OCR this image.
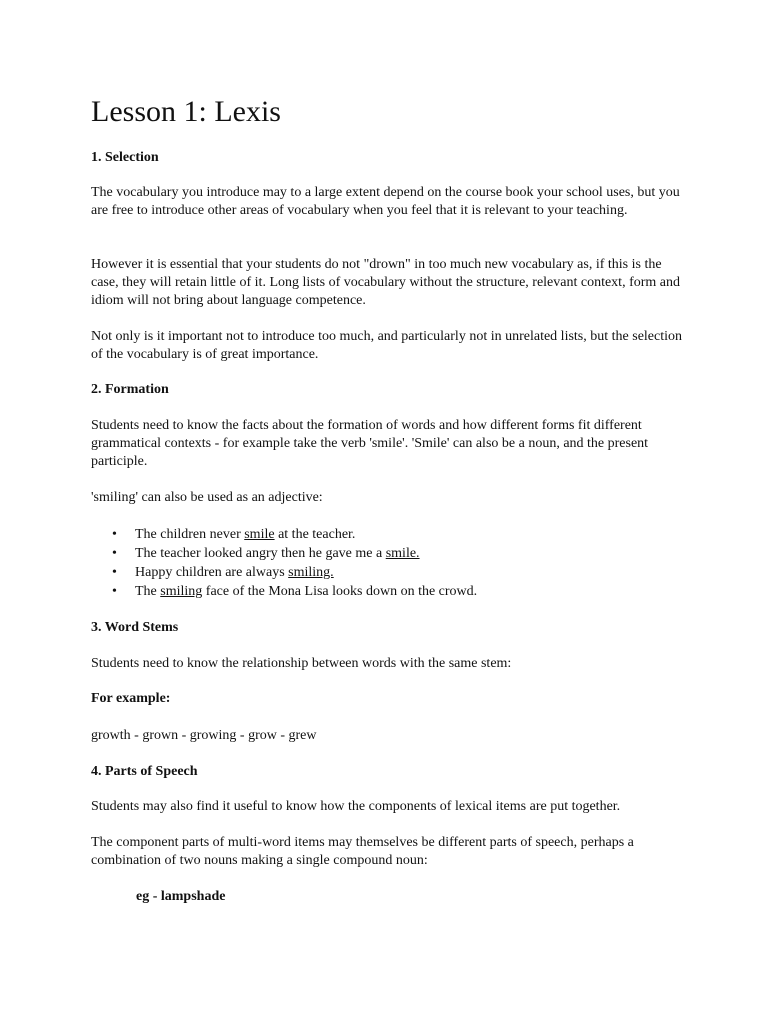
Lesson 1: Lexis
1. Selection

The vocabulary you introduce may to a large extent depend on the course book your school uses, but you are free to introduce other areas of vocabulary when you feel that it is relevant to your teaching.

However it is essential that your students do not "drown" in too much new vocabulary as, if this is the case, they will retain little of it. Long lists of vocabulary without the structure, relevant context, form and idiom will not bring about language competence.

Not only is it important not to introduce too much, and particularly not in unrelated lists, but the selection of the vocabulary is of great importance.

2. Formation

Students need to know the facts about the formation of words and how different forms fit different grammatical contexts - for example take the verb 'smile'. 'Smile' can also be a noun, and the present participle.

'smiling' can also be used as an adjective:

• The children never smile at the teacher.
• The teacher looked angry then he gave me a smile.
• Happy children are always smiling.
• The smiling face of the Mona Lisa looks down on the crowd.
3. Word Stems

Students need to know the relationship between words with the same stem:

For example:

growth - grown - growing - grow - grew

4. Parts of Speech

Students may also find it useful to know how the components of lexical items are put together.

The component parts of multi-word items may themselves be different parts of speech, perhaps a combination of two nouns making a single compound noun:

eg - lampshade
